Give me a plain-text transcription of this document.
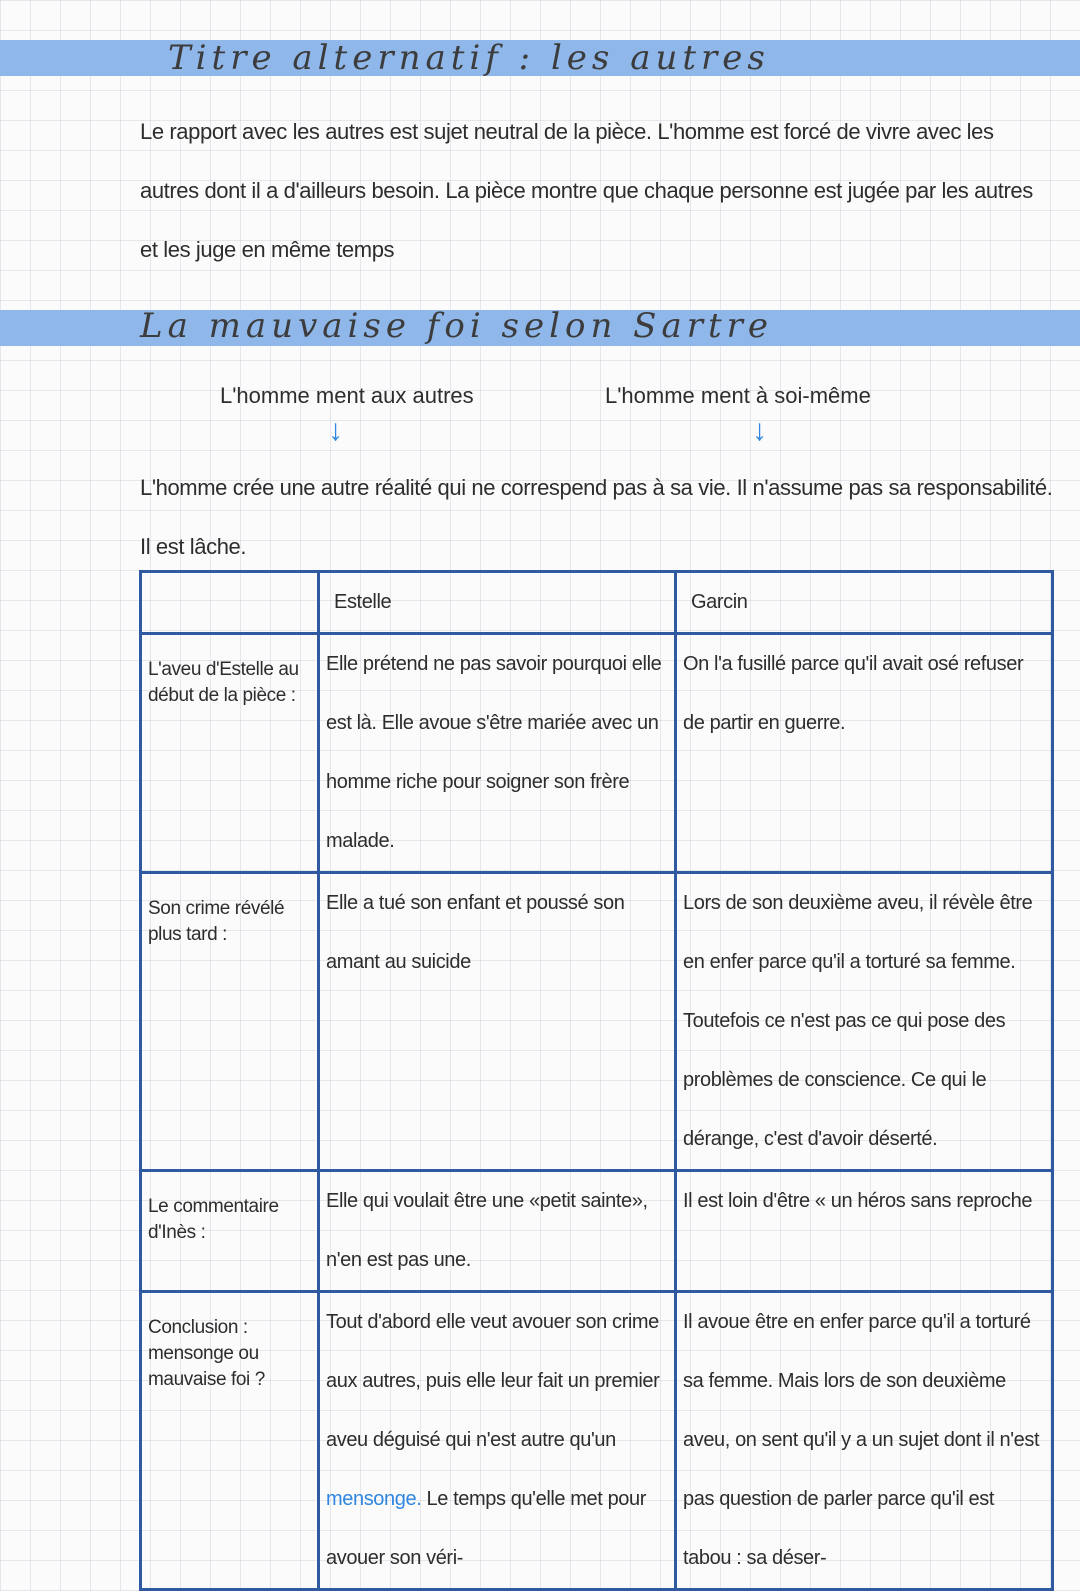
Titre alternatif : les autres

Le rapport avec les autres est sujet neutral de la pièce. L'homme est forcé de vivre avec les autres dont il a d'ailleurs besoin. La pièce montre que chaque personne est jugée par les autres et les juge en même temps

La mauvaise foi selon Sartre
L'homme ment aux autres	L'homme ment à soi-même
↓	↓

L'homme crée une autre réalité qui ne correspend pas à sa vie. Il n'assume pas sa responsabilité. Il est lâche.

	Estelle	Garcin
L'aveu d'Estelle au début de la pièce :	Elle prétend ne pas savoir pourquoi elle est là. Elle avoue s'être mariée avec un homme riche pour soigner son frère malade.	On l'a fusillé parce qu'il avait osé refuser de partir en guerre.
Son crime révélé plus tard :	Elle a tué son enfant et poussé son amant au suicide	Lors de son deuxième aveu, il révèle être en enfer parce qu'il a torturé sa femme. Toutefois ce n'est pas ce qui pose des problèmes de conscience. Ce qui le dérange, c'est d'avoir déserté.
Le commentaire d'Inès :	Elle qui voulait être une «petit sainte», n'en est pas une.	Il est loin d'être « un héros sans reproche
Conclusion : mensonge ou mauvaise foi ?	Tout d'abord elle veut avouer son crime aux autres, puis elle leur fait un premier aveu déguisé qui n'est autre qu'un mensonge. Le temps qu'elle met pour avouer son véri-	Il avoue être en enfer parce qu'il a torturé sa femme. Mais lors de son deuxième aveu, on sent qu'il y a un sujet dont il n'est pas question de parler parce qu'il est tabou : sa déser-
